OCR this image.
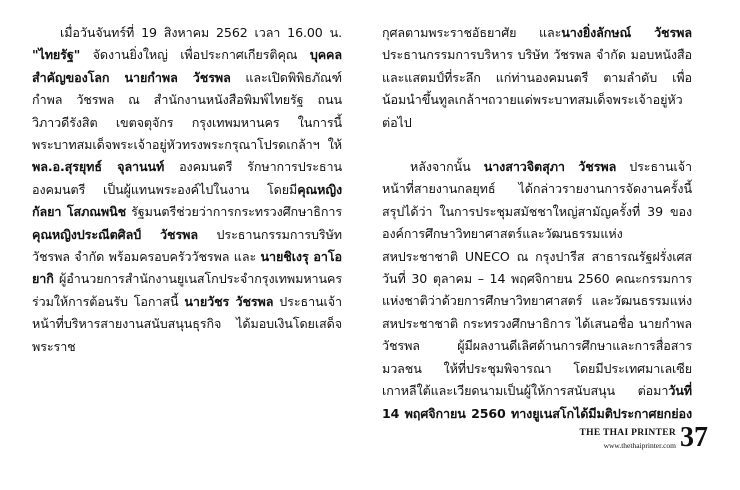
เมื่อวันจันทร์ที่ 19 สิงหาคม 2562 เวลา 16.00 น. "ไทยรัฐ" จัดงานยิ่งใหญ่ เพื่อประกาศเกียรติคุณ บุคคลสำคัญของโลก นายกำพล วัชรพล และเปิดพิพิธภัณฑ์ กำพล วัชรพล ณ สำนักงานหนังสือพิมพ์ไทยรัฐ ถนนวิภาวดีรังสิต เขตจตุจักร กรุงเทพมหานคร ในการนี้ พระบาทสมเด็จพระเจ้าอยู่หัวทรงพระกรุณาโปรดเกล้าฯ ให้ พล.อ.สุรยุทธ์ จุลานนท์ องคมนตรี รักษาการประธานองคมนตรี เป็นผู้แทนพระองค์ไปในงาน โดยมีคุณหญิงกัลยา โสภณพนิช รัฐมนตรีช่วยว่าการกระทรวงศึกษาธิการ คุณหญิงประณีตศิลป์ วัชรพล ประธานกรรมการบริษัท วัชรพล จำกัด พร้อมครอบครัววัชรพล และ นายชิเงรุ อาโอยากิ ผู้อำนวยการสำนักงานยูเนสโกประจำกรุงเทพมหานคร ร่วมให้การต้อนรับ โอกาสนี้ นายวัชร วัชรพล ประธานเจ้าหน้าที่บริหารสายงานสนับสนุนธุรกิจ ได้มอบเงินโดยเสด็จพระราช

กุศลตามพระราชอัธยาศัย และนางยิ่งลักษณ์ วัชรพล ประธานกรรมการบริหาร บริษัท วัชรพล จำกัด มอบหนังสือและแสตมป์ที่ระลึก แก่ท่านองคมนตรี ตามลำดับ เพื่อน้อมนำขึ้นทูลเกล้าฯถวายแด่พระบาทสมเด็จพระเจ้าอยู่หัว ต่อไป

หลังจากนั้น นางสาวจิตสุภา วัชรพล ประธานเจ้าหน้าที่สายงานกลยุทธ์ ได้กล่าวรายงานการจัดงานครั้งนี้ สรุปได้ว่า ในการประชุมสมัชชาใหญ่สามัญครั้งที่ 39 ขององค์การศึกษาวิทยาศาสตร์และวัฒนธรรมแห่งสหประชาชาติ UNECO ณ กรุงปารีส สาธารณรัฐฝรั่งเศส วันที่ 30 ตุลาคม – 14 พฤศจิกายน 2560 คณะกรรมการแห่งชาติว่าด้วยการศึกษาวิทยาศาสตร์ และวัฒนธรรมแห่งสหประชาชาติ กระทรวงศึกษาธิการ ได้เสนอชื่อ นายกำพล วัชรพล ผู้มีผลงานดีเลิศด้านการศึกษาและการสื่อสารมวลชน ให้ที่ประชุมพิจารณา โดยมีประเทศมาเลเซีย เกาหลีใต้และเวียดนามเป็นผู้ให้การสนับสนุน ต่อมาวันที่ 14 พฤศจิกายน 2560 ทางยูเนสโกได้มีมติประกาศยกย่อง

THE THAI PRINTER
www.thethaiprinter.com 37
